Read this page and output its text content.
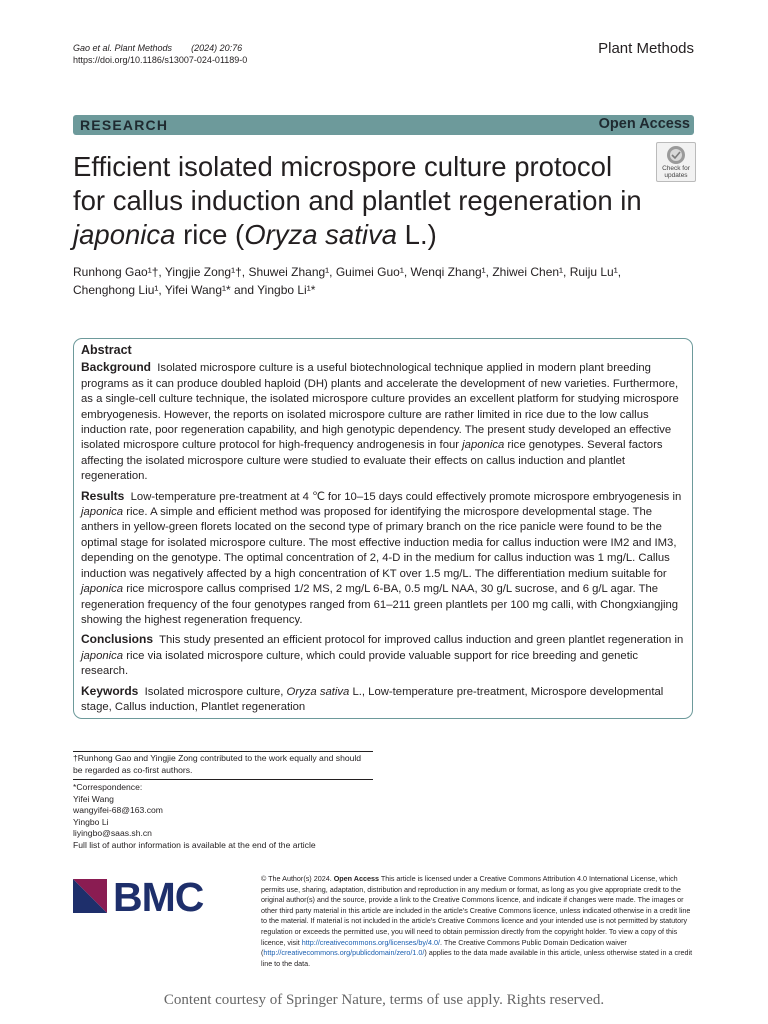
Gao et al. Plant Methods (2024) 20:76
https://doi.org/10.1186/s13007-024-01189-0
Plant Methods
RESEARCH	Open Access
Check for
updates
Efficient isolated microspore culture protocol for callus induction and plantlet regeneration in japonica rice (Oryza sativa L.)
Runhong Gao¹†, Yingjie Zong¹†, Shuwei Zhang¹, Guimei Guo¹, Wenqi Zhang¹, Zhiwei Chen¹, Ruiju Lu¹,
Chenghong Liu¹, Yifei Wang¹* and Yingbo Li¹*
Abstract

Background Isolated microspore culture is a useful biotechnological technique applied in modern plant breeding programs as it can produce doubled haploid (DH) plants and accelerate the development of new varieties. Furthermore, as a single-cell culture technique, the isolated microspore culture provides an excellent platform for studying microspore embryogenesis. However, the reports on isolated microspore culture are rather limited in rice due to the low callus induction rate, poor regeneration capability, and high genotypic dependency. The present study developed an effective isolated microspore culture protocol for high-frequency androgenesis in four japonica rice genotypes. Several factors affecting the isolated microspore culture were studied to evaluate their effects on callus induction and plantlet regeneration.

Results Low-temperature pre-treatment at 4 ℃ for 10–15 days could effectively promote microspore embryogenesis in japonica rice. A simple and efficient method was proposed for identifying the microspore developmental stage. The anthers in yellow-green florets located on the second type of primary branch on the rice panicle were found to be the optimal stage for isolated microspore culture. The most effective induction media for callus induction were IM2 and IM3, depending on the genotype. The optimal concentration of 2, 4-D in the medium for callus induction was 1 mg/L. Callus induction was negatively affected by a high concentration of KT over 1.5 mg/L. The differentiation medium suitable for japonica rice microspore callus comprised 1/2 MS, 2 mg/L 6-BA, 0.5 mg/L NAA, 30 g/L sucrose, and 6 g/L agar. The regeneration frequency of the four genotypes ranged from 61–211 green plantlets per 100 mg calli, with Chongxiangjing showing the highest regeneration frequency.

Conclusions This study presented an efficient protocol for improved callus induction and green plantlet regeneration in japonica rice via isolated microspore culture, which could provide valuable support for rice breeding and genetic research.

Keywords Isolated microspore culture, Oryza sativa L., Low-temperature pre-treatment, Microspore developmental stage, Callus induction, Plantlet regeneration

†Runhong Gao and Yingjie Zong contributed to the work equally and should be regarded as co-first authors.
*Correspondence:
Yifei Wang
wangyifei-68@163.com
Yingbo Li
liyingbo@saas.sh.cn
Full list of author information is available at the end of the article
BMC	© The Author(s) 2024. Open Access This article is licensed under a Creative Commons Attribution 4.0 International License, which permits use, sharing, adaptation, distribution and reproduction in any medium or format, as long as you give appropriate credit to the original author(s) and the source, provide a link to the Creative Commons licence, and indicate if changes were made. The images or other third party material in this article are included in the article’s Creative Commons licence, unless indicated otherwise in a credit line to the material. If material is not included in the article’s Creative Commons licence and your intended use is not permitted by statutory regulation or exceeds the permitted use, you will need to obtain permission directly from the copyright holder. To view a copy of this licence, visit http://creativecommons.org/licenses/by/4.0/. The Creative Commons Public Domain Dedication waiver (http://creativecommons.org/publicdomain/zero/1.0/) applies to the data made available in this article, unless otherwise stated in a credit line to the data.
Content courtesy of Springer Nature, terms of use apply. Rights reserved.
